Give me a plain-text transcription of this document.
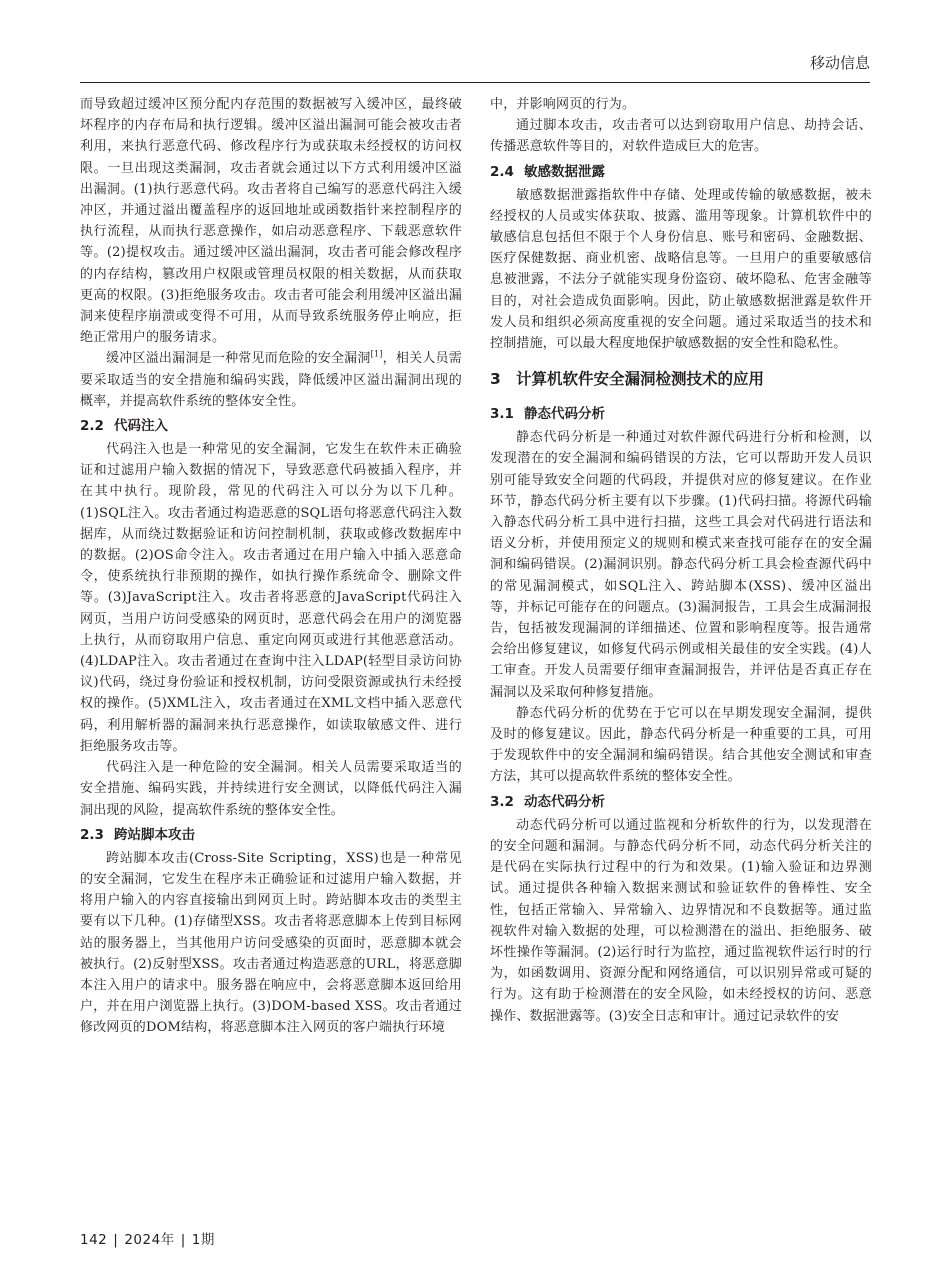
移动信息

而导致超过缓冲区预分配内存范围的数据被写入缓冲区，最终破坏程序的内存布局和执行逻辑。缓冲区溢出漏洞可能会被攻击者利用，来执行恶意代码、修改程序行为或获取未经授权的访问权限。一旦出现这类漏洞，攻击者就会通过以下方式利用缓冲区溢出漏洞。(1)执行恶意代码。攻击者将自己编写的恶意代码注入缓冲区，并通过溢出覆盖程序的返回地址或函数指针来控制程序的执行流程，从而执行恶意操作，如启动恶意程序、下载恶意软件等。(2)提权攻击。通过缓冲区溢出漏洞，攻击者可能会修改程序的内存结构，篡改用户权限或管理员权限的相关数据，从而获取更高的权限。(3)拒绝服务攻击。攻击者可能会利用缓冲区溢出漏洞来使程序崩溃或变得不可用，从而导致系统服务停止响应，拒绝正常用户的服务请求。

缓冲区溢出漏洞是一种常见而危险的安全漏洞[1]，相关人员需要采取适当的安全措施和编码实践，降低缓冲区溢出漏洞出现的概率，并提高软件系统的整体安全性。

2.2 代码注入

代码注入也是一种常见的安全漏洞，它发生在软件未正确验证和过滤用户输入数据的情况下，导致恶意代码被插入程序，并在其中执行。现阶段，常见的代码注入可以分为以下几种。(1)SQL注入。攻击者通过构造恶意的SQL语句将恶意代码注入数据库，从而绕过数据验证和访问控制机制，获取或修改数据库中的数据。(2)OS命令注入。攻击者通过在用户输入中插入恶意命令，使系统执行非预期的操作，如执行操作系统命令、删除文件等。(3)JavaScript注入。攻击者将恶意的JavaScript代码注入网页，当用户访问受感染的网页时，恶意代码会在用户的浏览器上执行，从而窃取用户信息、重定向网页或进行其他恶意活动。(4)LDAP注入。攻击者通过在查询中注入LDAP(轻型目录访问协议)代码，绕过身份验证和授权机制，访问受限资源或执行未经授权的操作。(5)XML注入，攻击者通过在XML文档中插入恶意代码，利用解析器的漏洞来执行恶意操作，如读取敏感文件、进行拒绝服务攻击等。

代码注入是一种危险的安全漏洞。相关人员需要采取适当的安全措施、编码实践，并持续进行安全测试，以降低代码注入漏洞出现的风险，提高软件系统的整体安全性。

2.3 跨站脚本攻击

跨站脚本攻击(Cross-Site Scripting，XSS)也是一种常见的安全漏洞，它发生在程序未正确验证和过滤用户输入数据，并将用户输入的内容直接输出到网页上时。跨站脚本攻击的类型主要有以下几种。(1)存储型XSS。攻击者将恶意脚本上传到目标网站的服务器上，当其他用户访问受感染的页面时，恶意脚本就会被执行。(2)反射型XSS。攻击者通过构造恶意的URL，将恶意脚本注入用户的请求中。服务器在响应中，会将恶意脚本返回给用户，并在用户浏览器上执行。(3)DOM-based XSS。攻击者通过修改网页的DOM结构，将恶意脚本注入网页的客户端执行环境

中，并影响网页的行为。

通过脚本攻击，攻击者可以达到窃取用户信息、劫持会话、传播恶意软件等目的，对软件造成巨大的危害。

2.4 敏感数据泄露

敏感数据泄露指软件中存储、处理或传输的敏感数据，被未经授权的人员或实体获取、披露、滥用等现象。计算机软件中的敏感信息包括但不限于个人身份信息、账号和密码、金融数据、医疗保健数据、商业机密、战略信息等。一旦用户的重要敏感信息被泄露，不法分子就能实现身份盗窃、破坏隐私、危害金融等目的，对社会造成负面影响。因此，防止敏感数据泄露是软件开发人员和组织必须高度重视的安全问题。通过采取适当的技术和控制措施，可以最大程度地保护敏感数据的安全性和隐私性。

3 计算机软件安全漏洞检测技术的应用
3.1 静态代码分析

静态代码分析是一种通过对软件源代码进行分析和检测，以发现潜在的安全漏洞和编码错误的方法，它可以帮助开发人员识别可能导致安全问题的代码段，并提供对应的修复建议。在作业环节，静态代码分析主要有以下步骤。(1)代码扫描。将源代码输入静态代码分析工具中进行扫描，这些工具会对代码进行语法和语义分析，并使用预定义的规则和模式来查找可能存在的安全漏洞和编码错误。(2)漏洞识别。静态代码分析工具会检查源代码中的常见漏洞模式，如SQL注入、跨站脚本(XSS)、缓冲区溢出等，并标记可能存在的问题点。(3)漏洞报告，工具会生成漏洞报告，包括被发现漏洞的详细描述、位置和影响程度等。报告通常会给出修复建议，如修复代码示例或相关最佳的安全实践。(4)人工审查。开发人员需要仔细审查漏洞报告，并评估是否真正存在漏洞以及采取何种修复措施。

静态代码分析的优势在于它可以在早期发现安全漏洞，提供及时的修复建议。因此，静态代码分析是一种重要的工具，可用于发现软件中的安全漏洞和编码错误。结合其他安全测试和审查方法，其可以提高软件系统的整体安全性。

3.2 动态代码分析

动态代码分析可以通过监视和分析软件的行为，以发现潜在的安全问题和漏洞。与静态代码分析不同，动态代码分析关注的是代码在实际执行过程中的行为和效果。(1)输入验证和边界测试。通过提供各种输入数据来测试和验证软件的鲁棒性、安全性，包括正常输入、异常输入、边界情况和不良数据等。通过监视软件对输入数据的处理，可以检测潜在的溢出、拒绝服务、破坏性操作等漏洞。(2)运行时行为监控，通过监视软件运行时的行为，如函数调用、资源分配和网络通信，可以识别异常或可疑的行为。这有助于检测潜在的安全风险，如未经授权的访问、恶意操作、数据泄露等。(3)安全日志和审计。通过记录软件的安

142 | 2024年 | 1期
